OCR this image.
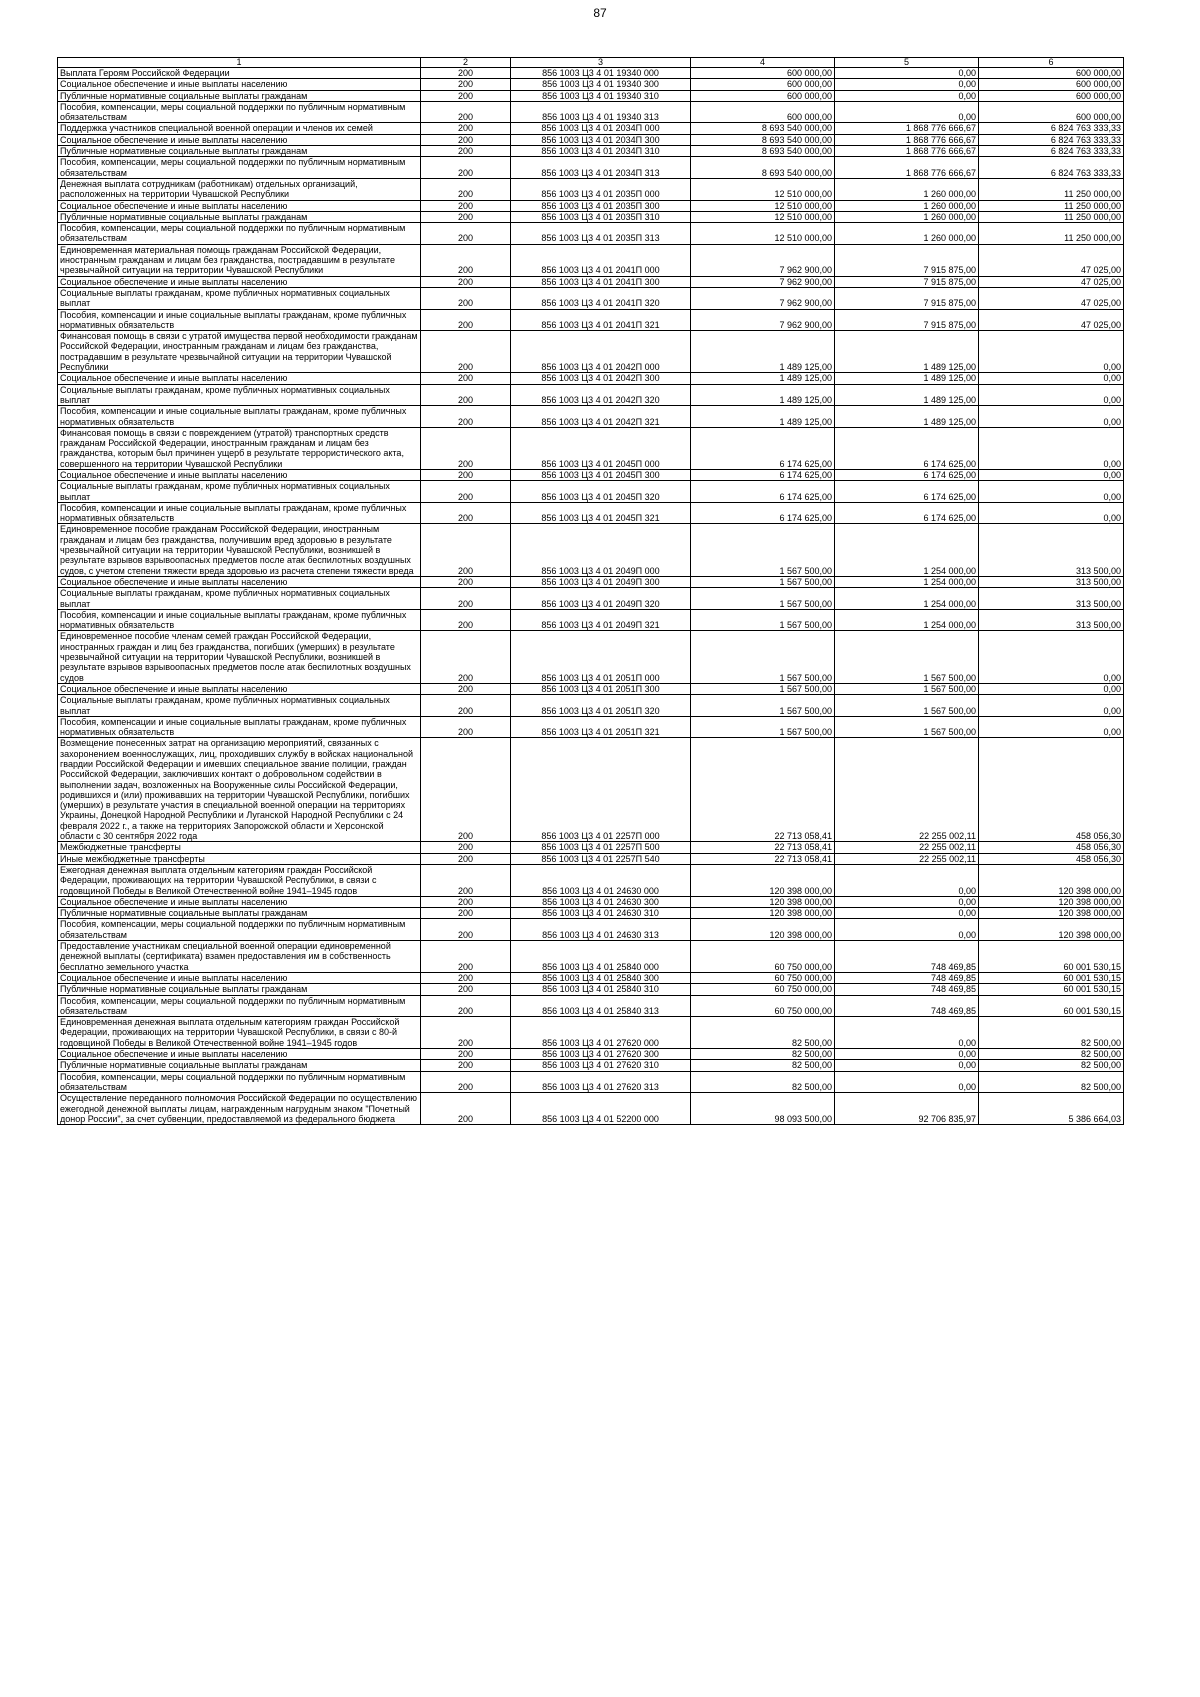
87
1	2	3	4	5	6
Выплата Героям Российской Федерации	200	856 1003 Ц3 4 01 19340 000	600 000,00	0,00	600 000,00
Социальное обеспечение и иные выплаты населению	200	856 1003 Ц3 4 01 19340 300	600 000,00	0,00	600 000,00
Публичные нормативные социальные выплаты гражданам	200	856 1003 Ц3 4 01 19340 310	600 000,00	0,00	600 000,00
Пособия, компенсации, меры социальной поддержки по публичным нормативным обязательствам	200	856 1003 Ц3 4 01 19340 313	600 000,00	0,00	600 000,00
Поддержка участников специальной военной операции и членов их семей	200	856 1003 Ц3 4 01 2034П 000	8 693 540 000,00	1 868 776 666,67	6 824 763 333,33
Социальное обеспечение и иные выплаты населению	200	856 1003 Ц3 4 01 2034П 300	8 693 540 000,00	1 868 776 666,67	6 824 763 333,33
Публичные нормативные социальные выплаты гражданам	200	856 1003 Ц3 4 01 2034П 310	8 693 540 000,00	1 868 776 666,67	6 824 763 333,33
Пособия, компенсации, меры социальной поддержки по публичным нормативным обязательствам	200	856 1003 Ц3 4 01 2034П 313	8 693 540 000,00	1 868 776 666,67	6 824 763 333,33
Денежная выплата сотрудникам (работникам) отдельных организаций, расположенных на территории Чувашской Республики	200	856 1003 Ц3 4 01 2035П 000	12 510 000,00	1 260 000,00	11 250 000,00
Социальное обеспечение и иные выплаты населению	200	856 1003 Ц3 4 01 2035П 300	12 510 000,00	1 260 000,00	11 250 000,00
Публичные нормативные социальные выплаты гражданам	200	856 1003 Ц3 4 01 2035П 310	12 510 000,00	1 260 000,00	11 250 000,00
Пособия, компенсации, меры социальной поддержки по публичным нормативным обязательствам	200	856 1003 Ц3 4 01 2035П 313	12 510 000,00	1 260 000,00	11 250 000,00
Единовременная материальная помощь гражданам Российской Федерации, иностранным гражданам и лицам без гражданства, пострадавшим в результате чрезвычайной ситуации на территории Чувашской Республики	200	856 1003 Ц3 4 01 2041П 000	7 962 900,00	7 915 875,00	47 025,00
Социальное обеспечение и иные выплаты населению	200	856 1003 Ц3 4 01 2041П 300	7 962 900,00	7 915 875,00	47 025,00
Социальные выплаты гражданам, кроме публичных нормативных социальных выплат	200	856 1003 Ц3 4 01 2041П 320	7 962 900,00	7 915 875,00	47 025,00
Пособия, компенсации и иные социальные выплаты гражданам, кроме публичных нормативных обязательств	200	856 1003 Ц3 4 01 2041П 321	7 962 900,00	7 915 875,00	47 025,00
Финансовая помощь в связи с утратой имущества первой необходимости гражданам Российской Федерации, иностранным гражданам и лицам без гражданства, пострадавшим в результате чрезвычайной ситуации на территории Чувашской Республики	200	856 1003 Ц3 4 01 2042П 000	1 489 125,00	1 489 125,00	0,00
Социальное обеспечение и иные выплаты населению	200	856 1003 Ц3 4 01 2042П 300	1 489 125,00	1 489 125,00	0,00
Социальные выплаты гражданам, кроме публичных нормативных социальных выплат	200	856 1003 Ц3 4 01 2042П 320	1 489 125,00	1 489 125,00	0,00
Пособия, компенсации и иные социальные выплаты гражданам, кроме публичных нормативных обязательств	200	856 1003 Ц3 4 01 2042П 321	1 489 125,00	1 489 125,00	0,00
Финансовая помощь в связи с повреждением (утратой) транспортных средств гражданам Российской Федерации, иностранным гражданам и лицам без гражданства, которым был причинен ущерб в результате террористического акта, совершенного на территории Чувашской Республики	200	856 1003 Ц3 4 01 2045П 000	6 174 625,00	6 174 625,00	0,00
Социальное обеспечение и иные выплаты населению	200	856 1003 Ц3 4 01 2045П 300	6 174 625,00	6 174 625,00	0,00
Социальные выплаты гражданам, кроме публичных нормативных социальных выплат	200	856 1003 Ц3 4 01 2045П 320	6 174 625,00	6 174 625,00	0,00
Пособия, компенсации и иные социальные выплаты гражданам, кроме публичных нормативных обязательств	200	856 1003 Ц3 4 01 2045П 321	6 174 625,00	6 174 625,00	0,00
Единовременное пособие гражданам Российской Федерации, иностранным гражданам и лицам без гражданства, получившим вред здоровью в результате чрезвычайной ситуации на территории Чувашской Республики, возникшей в результате взрывов взрывоопасных предметов после атак беспилотных воздушных судов, с учетом степени тяжести вреда здоровью из расчета степени тяжести вреда	200	856 1003 Ц3 4 01 2049П 000	1 567 500,00	1 254 000,00	313 500,00
Социальное обеспечение и иные выплаты населению	200	856 1003 Ц3 4 01 2049П 300	1 567 500,00	1 254 000,00	313 500,00
Социальные выплаты гражданам, кроме публичных нормативных социальных выплат	200	856 1003 Ц3 4 01 2049П 320	1 567 500,00	1 254 000,00	313 500,00
Пособия, компенсации и иные социальные выплаты гражданам, кроме публичных нормативных обязательств	200	856 1003 Ц3 4 01 2049П 321	1 567 500,00	1 254 000,00	313 500,00
Единовременное пособие членам семей граждан Российской Федерации, иностранных граждан и лиц без гражданства, погибших (умерших) в результате чрезвычайной ситуации на территории Чувашской Республики, возникшей в результате взрывов взрывоопасных предметов после атак беспилотных воздушных судов	200	856 1003 Ц3 4 01 2051П 000	1 567 500,00	1 567 500,00	0,00
Социальное обеспечение и иные выплаты населению	200	856 1003 Ц3 4 01 2051П 300	1 567 500,00	1 567 500,00	0,00
Социальные выплаты гражданам, кроме публичных нормативных социальных выплат	200	856 1003 Ц3 4 01 2051П 320	1 567 500,00	1 567 500,00	0,00
Пособия, компенсации и иные социальные выплаты гражданам, кроме публичных нормативных обязательств	200	856 1003 Ц3 4 01 2051П 321	1 567 500,00	1 567 500,00	0,00
Возмещение понесенных затрат на организацию мероприятий, связанных с захоронением военнослужащих, лиц, проходивших службу в войсках национальной гвардии Российской Федерации и имевших специальное звание полиции, граждан Российской Федерации, заключивших контакт о добровольном содействии в выполнении задач, возложенных на Вооруженные силы Российской Федерации, родившихся и (или) проживавших на территории Чувашской Республики, погибших (умерших) в результате участия в специальной военной операции на территориях Украины, Донецкой Народной Республики и Луганской Народной Республики с 24 февраля 2022 г., а также на территориях Запорожской области и Херсонской области с 30 сентября 2022 года	200	856 1003 Ц3 4 01 2257П 000	22 713 058,41	22 255 002,11	458 056,30
Межбюджетные трансферты	200	856 1003 Ц3 4 01 2257П 500	22 713 058,41	22 255 002,11	458 056,30
Иные межбюджетные трансферты	200	856 1003 Ц3 4 01 2257П 540	22 713 058,41	22 255 002,11	458 056,30
Ежегодная денежная выплата отдельным категориям граждан Российской Федерации, проживающих на территории Чувашской Республики, в связи с годовщиной Победы в Великой Отечественной войне 1941–1945 годов	200	856 1003 Ц3 4 01 24630 000	120 398 000,00	0,00	120 398 000,00
Социальное обеспечение и иные выплаты населению	200	856 1003 Ц3 4 01 24630 300	120 398 000,00	0,00	120 398 000,00
Публичные нормативные социальные выплаты гражданам	200	856 1003 Ц3 4 01 24630 310	120 398 000,00	0,00	120 398 000,00
Пособия, компенсации, меры социальной поддержки по публичным нормативным обязательствам	200	856 1003 Ц3 4 01 24630 313	120 398 000,00	0,00	120 398 000,00
Предоставление участникам специальной военной операции единовременной денежной выплаты (сертификата) взамен предоставления им в собственность бесплатно земельного участка	200	856 1003 Ц3 4 01 25840 000	60 750 000,00	748 469,85	60 001 530,15
Социальное обеспечение и иные выплаты населению	200	856 1003 Ц3 4 01 25840 300	60 750 000,00	748 469,85	60 001 530,15
Публичные нормативные социальные выплаты гражданам	200	856 1003 Ц3 4 01 25840 310	60 750 000,00	748 469,85	60 001 530,15
Пособия, компенсации, меры социальной поддержки по публичным нормативным обязательствам	200	856 1003 Ц3 4 01 25840 313	60 750 000,00	748 469,85	60 001 530,15
Единовременная денежная выплата отдельным категориям граждан Российской Федерации, проживающих на территории Чувашской Республики, в связи с 80-й годовщиной Победы в Великой Отечественной войне 1941–1945 годов	200	856 1003 Ц3 4 01 27620 000	82 500,00	0,00	82 500,00
Социальное обеспечение и иные выплаты населению	200	856 1003 Ц3 4 01 27620 300	82 500,00	0,00	82 500,00
Публичные нормативные социальные выплаты гражданам	200	856 1003 Ц3 4 01 27620 310	82 500,00	0,00	82 500,00
Пособия, компенсации, меры социальной поддержки по публичным нормативным обязательствам	200	856 1003 Ц3 4 01 27620 313	82 500,00	0,00	82 500,00
Осуществление переданного полномочия Российской Федерации по осуществлению ежегодной денежной выплаты лицам, награжденным нагрудным знаком "Почетный донор России", за счет субвенции, предоставляемой из федерального бюджета	200	856 1003 Ц3 4 01 52200 000	98 093 500,00	92 706 835,97	5 386 664,03
